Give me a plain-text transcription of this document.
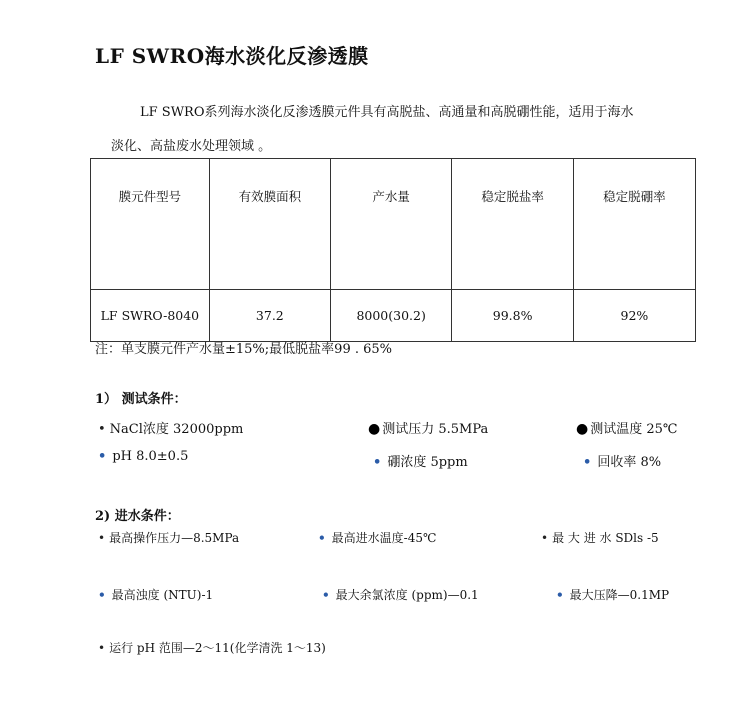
LF SWRO海水淡化反渗透膜
LF SWRO系列海水淡化反渗透膜元件具有高脱盐、高通量和高脱硼性能，适用于海水
淡化、高盐废水处理领域 。
膜元件型号	有效膜面积	产水量	稳定脱盐率	稳定脱硼率
LF SWRO-8040	37.2	8000(30.2)	99.8%	92%
注：单支膜元件产水量±15%;最低脱盐率99 . 65%
1） 测试条件：
• NaCl浓度 32000ppm	● 测试压力 5.5MPa	● 测试温度 25℃
• pH 8.0±0.5	• 硼浓度 5ppm	• 回收率 8%
2) 进水条件：
• 最高操作压力—8.5MPa	• 最高进水温度-45℃	• 最 大 进 水 SDls -5
• 最高浊度 (NTU)-1	• 最大余氯浓度 (ppm)—0.1	• 最大压降—0.1MP
• 运行 pH 范围—2～11(化学清洗 1～13)
